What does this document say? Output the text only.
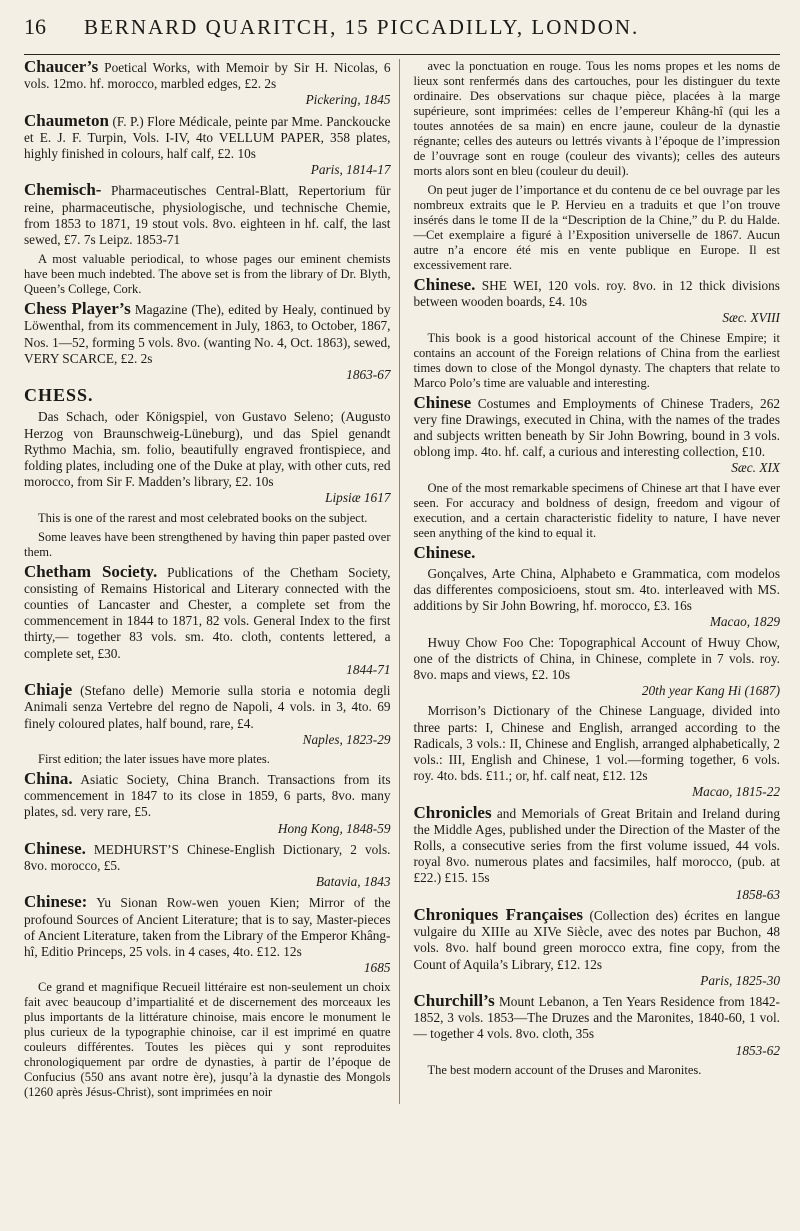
16	BERNARD QUARITCH, 15 PICCADILLY, LONDON.

Chaucer’s Poetical Works, with Memoir by Sir H. Nicolas, 6 vols. 12mo. hf. morocco, marbled edges, £2. 2s
Pickering, 1845

Chaumeton (F. P.) Flore Médicale, peinte par Mme. Panckoucke et E. J. F. Turpin, Vols. I-IV, 4to VELLUM PAPER, 358 plates, highly finished in colours, half calf, £2. 10s
Paris, 1814-17

Chemisch- Pharmaceutisches Central-Blatt, Repertorium für reine, pharmaceutische, physiologische, und technische Chemie, from 1853 to 1871, 19 stout vols. 8vo. eighteen in hf. calf, the last sewed, £7. 7s Leipz. 1853-71

A most valuable periodical, to whose pages our eminent chemists have been much indebted. The above set is from the library of Dr. Blyth, Queen’s College, Cork.

Chess Player’s Magazine (The), edited by Healy, continued by Löwenthal, from its commencement in July, 1863, to October, 1867, Nos. 1—52, forming 5 vols. 8vo. (wanting No. 4, Oct. 1863), sewed, VERY SCARCE, £2. 2s
1863-67

CHESS.

Das Schach, oder Königspiel, von Gustavo Seleno; (Augusto Herzog von Braunschweig-Lüneburg), und das Spiel genandt Rythmo Machia, sm. folio, beautifully engraved frontispiece, and folding plates, including one of the Duke at play, with other cuts, red morocco, from Sir F. Madden’s library, £2. 10s
Lipsiæ 1617

This is one of the rarest and most celebrated books on the subject.

Some leaves have been strengthened by having thin paper pasted over them.

Chetham Society. Publications of the Chetham Society, consisting of Remains Historical and Literary connected with the counties of Lancaster and Chester, a complete set from the commencement in 1844 to 1871, 82 vols. General Index to the first thirty,— together 83 vols. sm. 4to. cloth, contents lettered, a complete set, £30.
1844-71

Chiaje (Stefano delle) Memorie sulla storia e notomia degli Animali senza Vertebre del regno de Napoli, 4 vols. in 3, 4to. 69 finely coloured plates, half bound, rare, £4.
Naples, 1823-29

First edition; the later issues have more plates.

China. Asiatic Society, China Branch. Transactions from its commencement in 1847 to its close in 1859, 6 parts, 8vo. many plates, sd. very rare, £5.
Hong Kong, 1848-59

Chinese. MEDHURST’S Chinese-English Dictionary, 2 vols. 8vo. morocco, £5.
Batavia, 1843

Chinese: Yu Sionan Row-wen youen Kien; Mirror of the profound Sources of Ancient Literature; that is to say, Master-pieces of Ancient Literature, taken from the Library of the Emperor Khâng-hî, Editio Princeps, 25 vols. in 4 cases, 4to. £12. 12s
1685

Ce grand et magnifique Recueil littéraire est non-seulement un choix fait avec beaucoup d’impartialité et de discernement des morceaux les plus importants de la littérature chinoise, mais encore le monument le plus curieux de la typographie chinoise, car il est imprimé en quatre couleurs différentes. Toutes les pièces qui y sont reproduites chronologiquement par ordre de dynasties, à partir de l’époque de Confucius (550 ans avant notre ère), jusqu’à la dynastie des Mongols (1260 après Jésus-Christ), sont imprimées en noir

avec la ponctuation en rouge. Tous les noms propes et les noms de lieux sont renfermés dans des cartouches, pour les distinguer du texte ordinaire. Des observations sur chaque pièce, placées à la marge supérieure, sont imprimées: celles de l’empereur Khâng-hî (qui les a toutes annotées de sa main) en encre jaune, couleur de la dynastie régnante; celles des auteurs ou lettrés vivants à l’époque de l’impression de l’ouvrage sont en rouge (couleur des vivants); celles des auteurs morts alors sont en bleu (couleur du deuil).

On peut juger de l’importance et du contenu de ce bel ouvrage par les nombreux extraits que le P. Hervieu en a traduits et que l’on trouve insérés dans le tome II de la “Description de la Chine,” du P. du Halde.—Cet exemplaire a figuré à l’Exposition universelle de 1867. Aucun autre n’a encore été mis en vente publique en Europe. Il est excessivement rare.

Chinese. SHE WEI, 120 vols. roy. 8vo. in 12 thick divisions between wooden boards, £4. 10s
Sæc. XVIII

This book is a good historical account of the Chinese Empire; it contains an account of the Foreign relations of China from the earliest times down to close of the Mongol dynasty. The chapters that relate to Marco Polo’s time are valuable and interesting.

Chinese Costumes and Employments of Chinese Traders, 262 very fine Drawings, executed in China, with the names of the trades and subjects written beneath by Sir John Bowring, bound in 3 vols. oblong imp. 4to. hf. calf, a curious and interesting collection, £10.
Sæc. XIX

One of the most remarkable specimens of Chinese art that I have ever seen. For accuracy and boldness of design, freedom and vigour of execution, and a certain characteristic fidelity to nature, I have never seen anything of the kind to equal it.

Chinese.

Gonçalves, Arte China, Alphabeto e Grammatica, com modelos das differentes composicioens, stout sm. 4to. interleaved with MS. additions by Sir John Bowring, hf. morocco, £3. 16s
Macao, 1829

Hwuy Chow Foo Che: Topographical Account of Hwuy Chow, one of the districts of China, in Chinese, complete in 7 vols. roy. 8vo. maps and views, £2. 10s
20th year Kang Hi (1687)

Morrison’s Dictionary of the Chinese Language, divided into three parts: I, Chinese and English, arranged according to the Radicals, 3 vols.: II, Chinese and English, arranged alphabetically, 2 vols.: III, English and Chinese, 1 vol.—forming together, 6 vols. roy. 4to. bds. £11.; or, hf. calf neat, £12. 12s
Macao, 1815-22

Chronicles and Memorials of Great Britain and Ireland during the Middle Ages, published under the Direction of the Master of the Rolls, a consecutive series from the first volume issued, 44 vols. royal 8vo. numerous plates and facsimiles, half morocco, (pub. at £22.) £15. 15s
1858-63

Chroniques Françaises (Collection des) écrites en langue vulgaire du XIIIe au XIVe Siècle, avec des notes par Buchon, 48 vols. 8vo. half bound green morocco extra, fine copy, from the Count of Aquila’s Library, £12. 12s
Paris, 1825-30

Churchill’s Mount Lebanon, a Ten Years Residence from 1842-1852, 3 vols. 1853—The Druzes and the Maronites, 1840-60, 1 vol.— together 4 vols. 8vo. cloth, 35s
1853-62

The best modern account of the Druses and Maronites.
